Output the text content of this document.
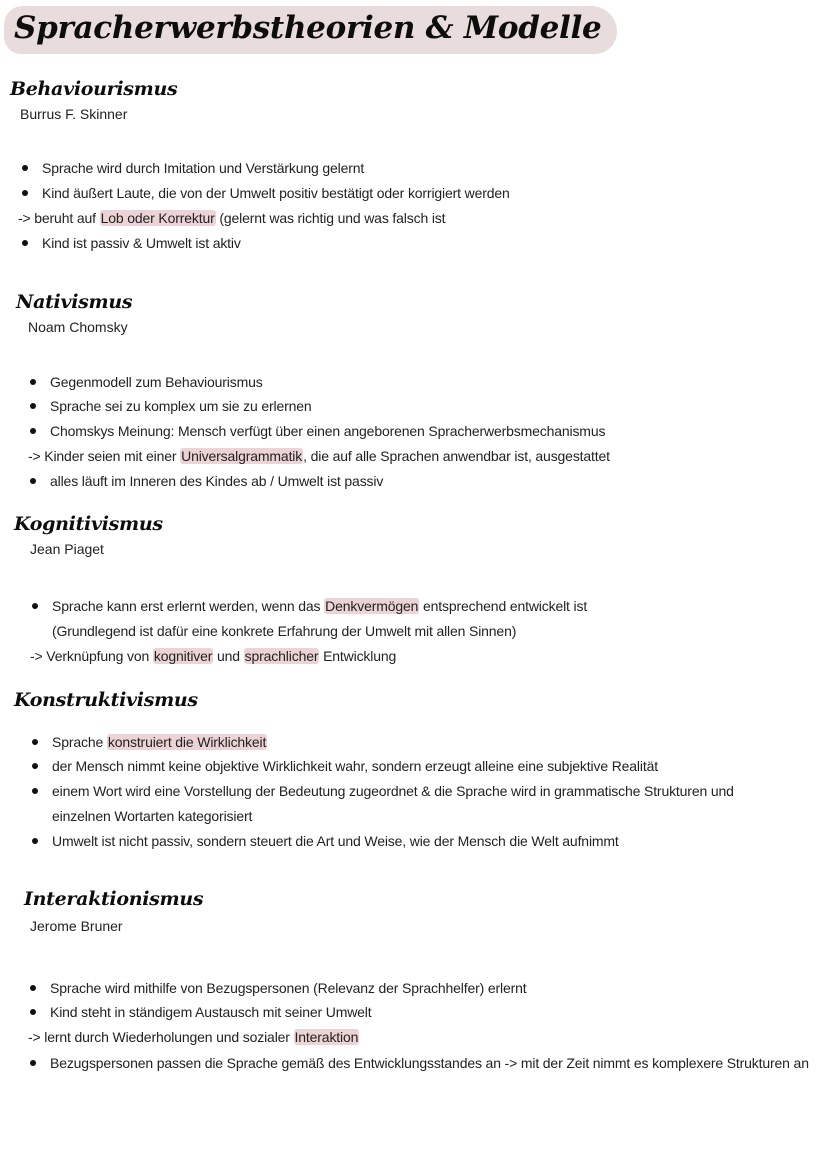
Spracherwerbstheorien & Modelle
Behaviourismus
Burrus F. Skinner
Nativismus
Noam Chomsky
Kognitivismus
Jean Piaget
Konstruktivismus
Interaktionismus
Jerome Bruner
Sprache wird durch Imitation und Verstärkung gelernt
Kind äußert Laute, die von der Umwelt positiv bestätigt oder korrigiert werden
-> beruht auf Lob oder Korrektur (gelernt was richtig und was falsch ist
Kind ist passiv & Umwelt ist aktiv
Gegenmodell zum Behaviourismus
Sprache sei zu komplex um sie zu erlernen
Chomskys Meinung: Mensch verfügt über einen angeborenen Spracherwerbsmechanismus
-> Kinder seien mit einer Universalgrammatik, die auf alle Sprachen anwendbar ist, ausgestattet
alles läuft im Inneren des Kindes ab / Umwelt ist passiv
Sprache kann erst erlernt werden, wenn das Denkvermögen entsprechend entwickelt ist
(Grundlegend ist dafür eine konkrete Erfahrung der Umwelt mit allen Sinnen)
-> Verknüpfung von kognitiver und sprachlicher Entwicklung
Sprache konstruiert die Wirklichkeit
der Mensch nimmt keine objektive Wirklichkeit wahr, sondern erzeugt alleine eine subjektive Realität
einem Wort wird eine Vorstellung der Bedeutung zugeordnet & die Sprache wird in grammatische Strukturen und
einzelnen Wortarten kategorisiert
Umwelt ist nicht passiv, sondern steuert die Art und Weise, wie der Mensch die Welt aufnimmt
Sprache wird mithilfe von Bezugspersonen (Relevanz der Sprachhelfer) erlernt
Kind steht in ständigem Austausch mit seiner Umwelt
-> lernt durch Wiederholungen und sozialer Interaktion
Bezugspersonen passen die Sprache gemäß des Entwicklungsstandes an -> mit der Zeit nimmt es komplexere Strukturen an
